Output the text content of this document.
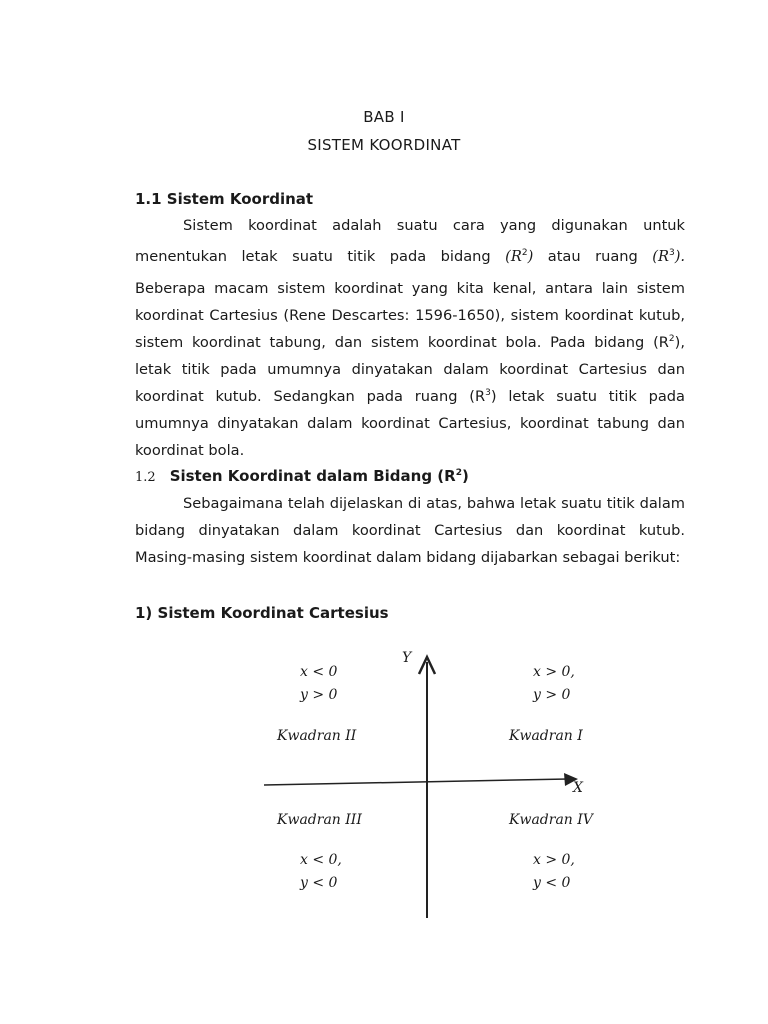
BAB I
SISTEM KOORDINAT
1.1 Sistem Koordinat

Sistem koordinat adalah suatu cara yang digunakan untuk

menentukan letak suatu titik pada bidang $(R^2)$ atau ruang $(R^3)$.

Beberapa macam sistem koordinat yang kita kenal, antara lain sistem koordinat Cartesius (Rene Descartes: 1596-1650), sistem koordinat kutub, sistem koordinat tabung, dan sistem koordinat bola. Pada bidang $(R^2)$, letak titik pada umumnya dinyatakan dalam koordinat Cartesius dan koordinat kutub. Sedangkan pada ruang $(R^3)$ letak suatu titik pada umumnya dinyatakan dalam koordinat Cartesius, koordinat tabung dan koordinat bola.

1.2 Sisten Koordinat dalam Bidang $(R^2)$

Sebagaimana telah dijelaskan di atas, bahwa letak suatu titik dalam bidang dinyatakan dalam koordinat Cartesius dan koordinat kutub. Masing-masing sistem koordinat dalam bidang dijabarkan sebagai berikut:

1) Sistem Koordinat Cartesius
Y
X
x < 0
y > 0
Kwadran II
x > 0,
y > 0
Kwadran I
Kwadran III
x < 0,
y < 0
Kwadran IV
x > 0,
y < 0
